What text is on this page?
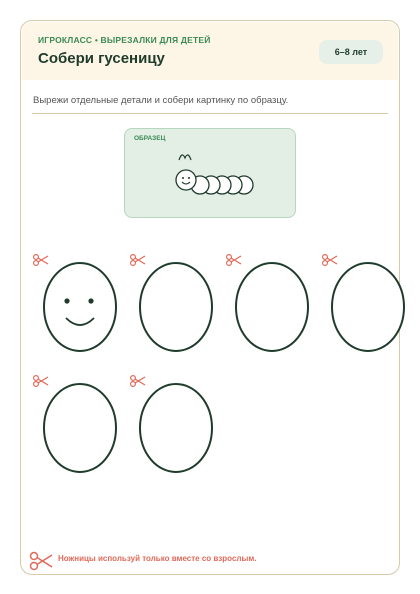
ИГРОКЛАСС • ВЫРЕЗАЛКИ ДЛЯ ДЕТЕЙ
Собери гусеницу	6–8 лет
Вырежи отдельные детали и собери картинку по образцу.
ОБРАЗЕЦ
Ножницы используй только вместе со взрослым.
